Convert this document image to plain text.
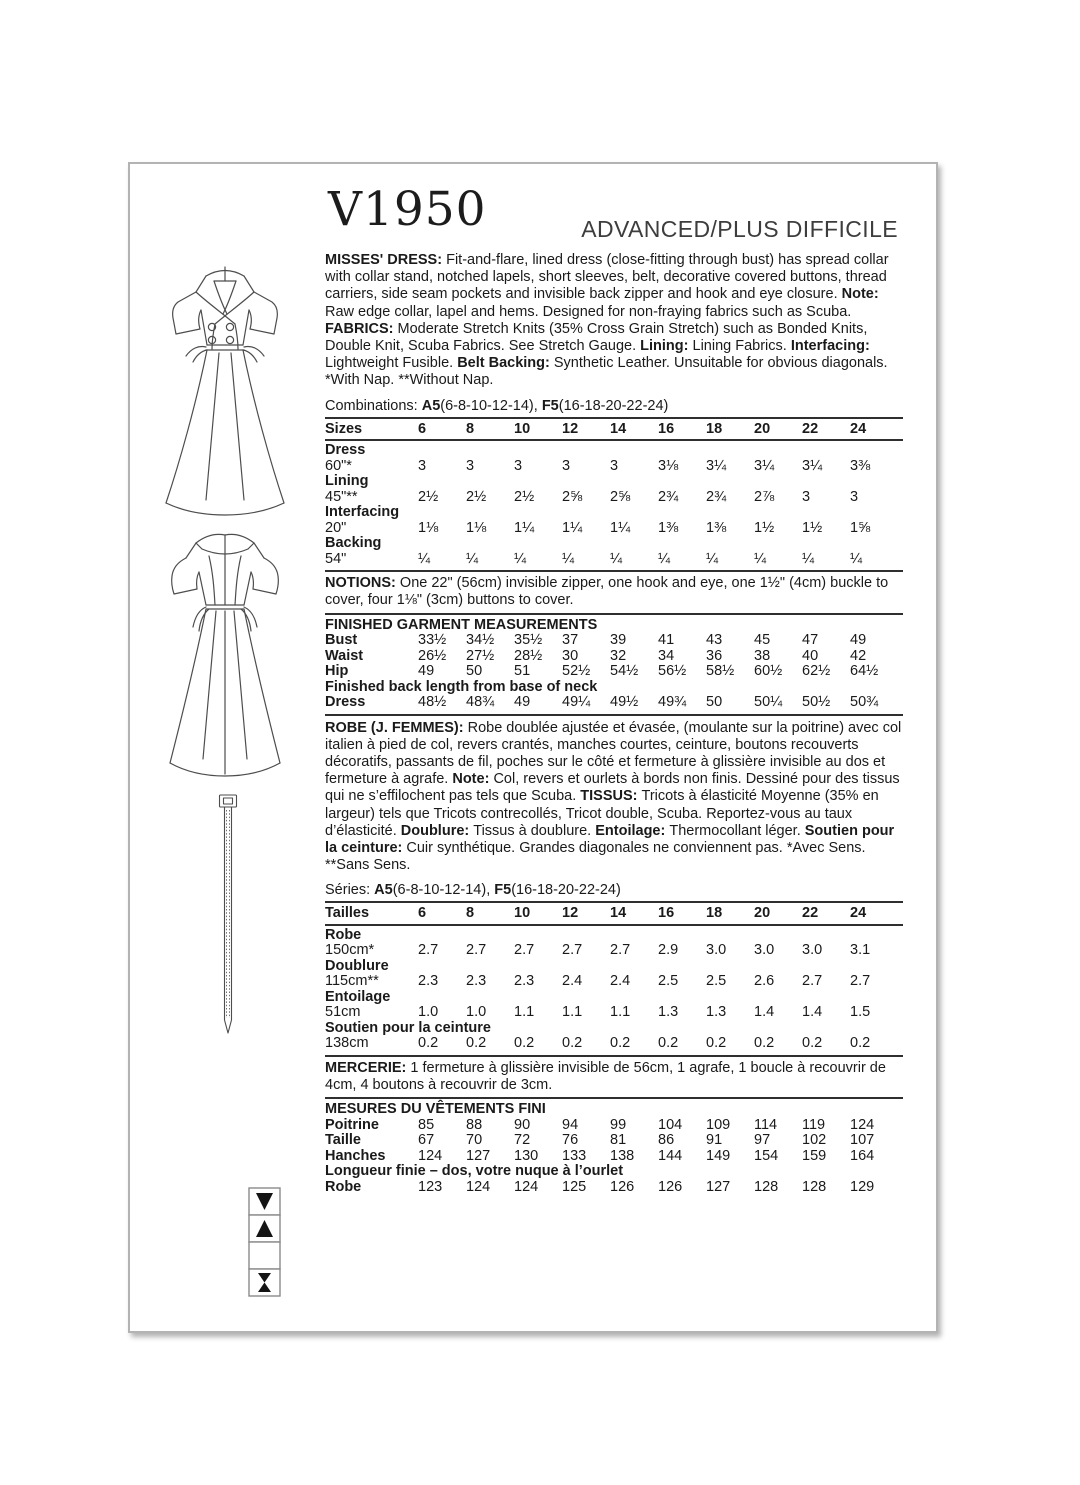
V1950	ADVANCED/PLUS DIFFICILE

MISSES' DRESS: Fit-and-flare, lined dress (close-fitting through bust) has spread collar with collar stand, notched lapels, short sleeves, belt, decorative covered buttons, thread carriers, side seam pockets and invisible back zipper and hook and eye closure. Note: Raw edge collar, lapel and hems. Designed for non-fraying fabrics such as Scuba. FABRICS: Moderate Stretch Knits (35% Cross Grain Stretch) such as Bonded Knits, Double Knit, Scuba Fabrics. See Stretch Gauge. Lining: Lining Fabrics. Interfacing: Lightweight Fusible. Belt Backing: Synthetic Leather. Unsuitable for obvious diagonals. *With Nap. **Without Nap.

Combinations: A5(6-8-10-12-14), F5(16-18-20-22-24)

Sizes	6	8	10	12	14	16	18	20	22	24
Dress
60"*	3	3	3	3	3	3⅛	3¼	3¼	3¼	3⅜
Lining
45"**	2½	2½	2½	2⅝	2⅝	2¾	2¾	2⅞	3	3
Interfacing
20"	1⅛	1⅛	1¼	1¼	1¼	1⅜	1⅜	1½	1½	1⅝
Backing
54"	¼	¼	¼	¼	¼	¼	¼	¼	¼	¼

NOTIONS: One 22" (56cm) invisible zipper, one hook and eye, one 1½" (4cm) buckle to cover, four 1⅛" (3cm) buttons to cover.

FINISHED GARMENT MEASUREMENTS
Bust	33½	34½	35½	37	39	41	43	45	47	49
Waist	26½	27½	28½	30	32	34	36	38	40	42
Hip	49	50	51	52½	54½	56½	58½	60½	62½	64½
Finished back length from base of neck
Dress	48½	48¾	49	49¼	49½	49¾	50	50¼	50½	50¾

ROBE (J. FEMMES): Robe doublée ajustée et évasée, (moulante sur la poitrine) avec col italien à pied de col, revers crantés, manches courtes, ceinture, boutons recouverts décoratifs, passants de fil, poches sur le côté et fermeture à glissière invisible au dos et fermeture à agrafe. Note: Col, revers et ourlets à bords non finis. Dessiné pour des tissus qui ne s’effilochent pas tels que Scuba. TISSUS: Tricots à élasticité Moyenne (35% en largeur) tels que Tricots contrecollés, Tricot double, Scuba. Reportez-vous au taux d’élasticité. Doublure: Tissus à doublure. Entoilage: Thermocollant léger. Soutien pour la ceinture: Cuir synthétique. Grandes diagonales ne conviennent pas. *Avec Sens. **Sans Sens.

Séries: A5(6-8-10-12-14), F5(16-18-20-22-24)

Tailles	6	8	10	12	14	16	18	20	22	24
Robe
150cm*	2.7	2.7	2.7	2.7	2.7	2.9	3.0	3.0	3.0	3.1
Doublure
115cm**	2.3	2.3	2.3	2.4	2.4	2.5	2.5	2.6	2.7	2.7
Entoilage
51cm	1.0	1.0	1.1	1.1	1.1	1.3	1.3	1.4	1.4	1.5
Soutien pour la ceinture
138cm	0.2	0.2	0.2	0.2	0.2	0.2	0.2	0.2	0.2	0.2

MERCERIE: 1 fermeture à glissière invisible de 56cm, 1 agrafe, 1 boucle à recouvrir de 4cm, 4 boutons à recouvrir de 3cm.

MESURES DU VÊTEMENTS FINI
Poitrine	85	88	90	94	99	104	109	114	119	124
Taille	67	70	72	76	81	86	91	97	102	107
Hanches	124	127	130	133	138	144	149	154	159	164
Longueur finie – dos, votre nuque à l’ourlet
Robe	123	124	124	125	126	126	127	128	128	129
